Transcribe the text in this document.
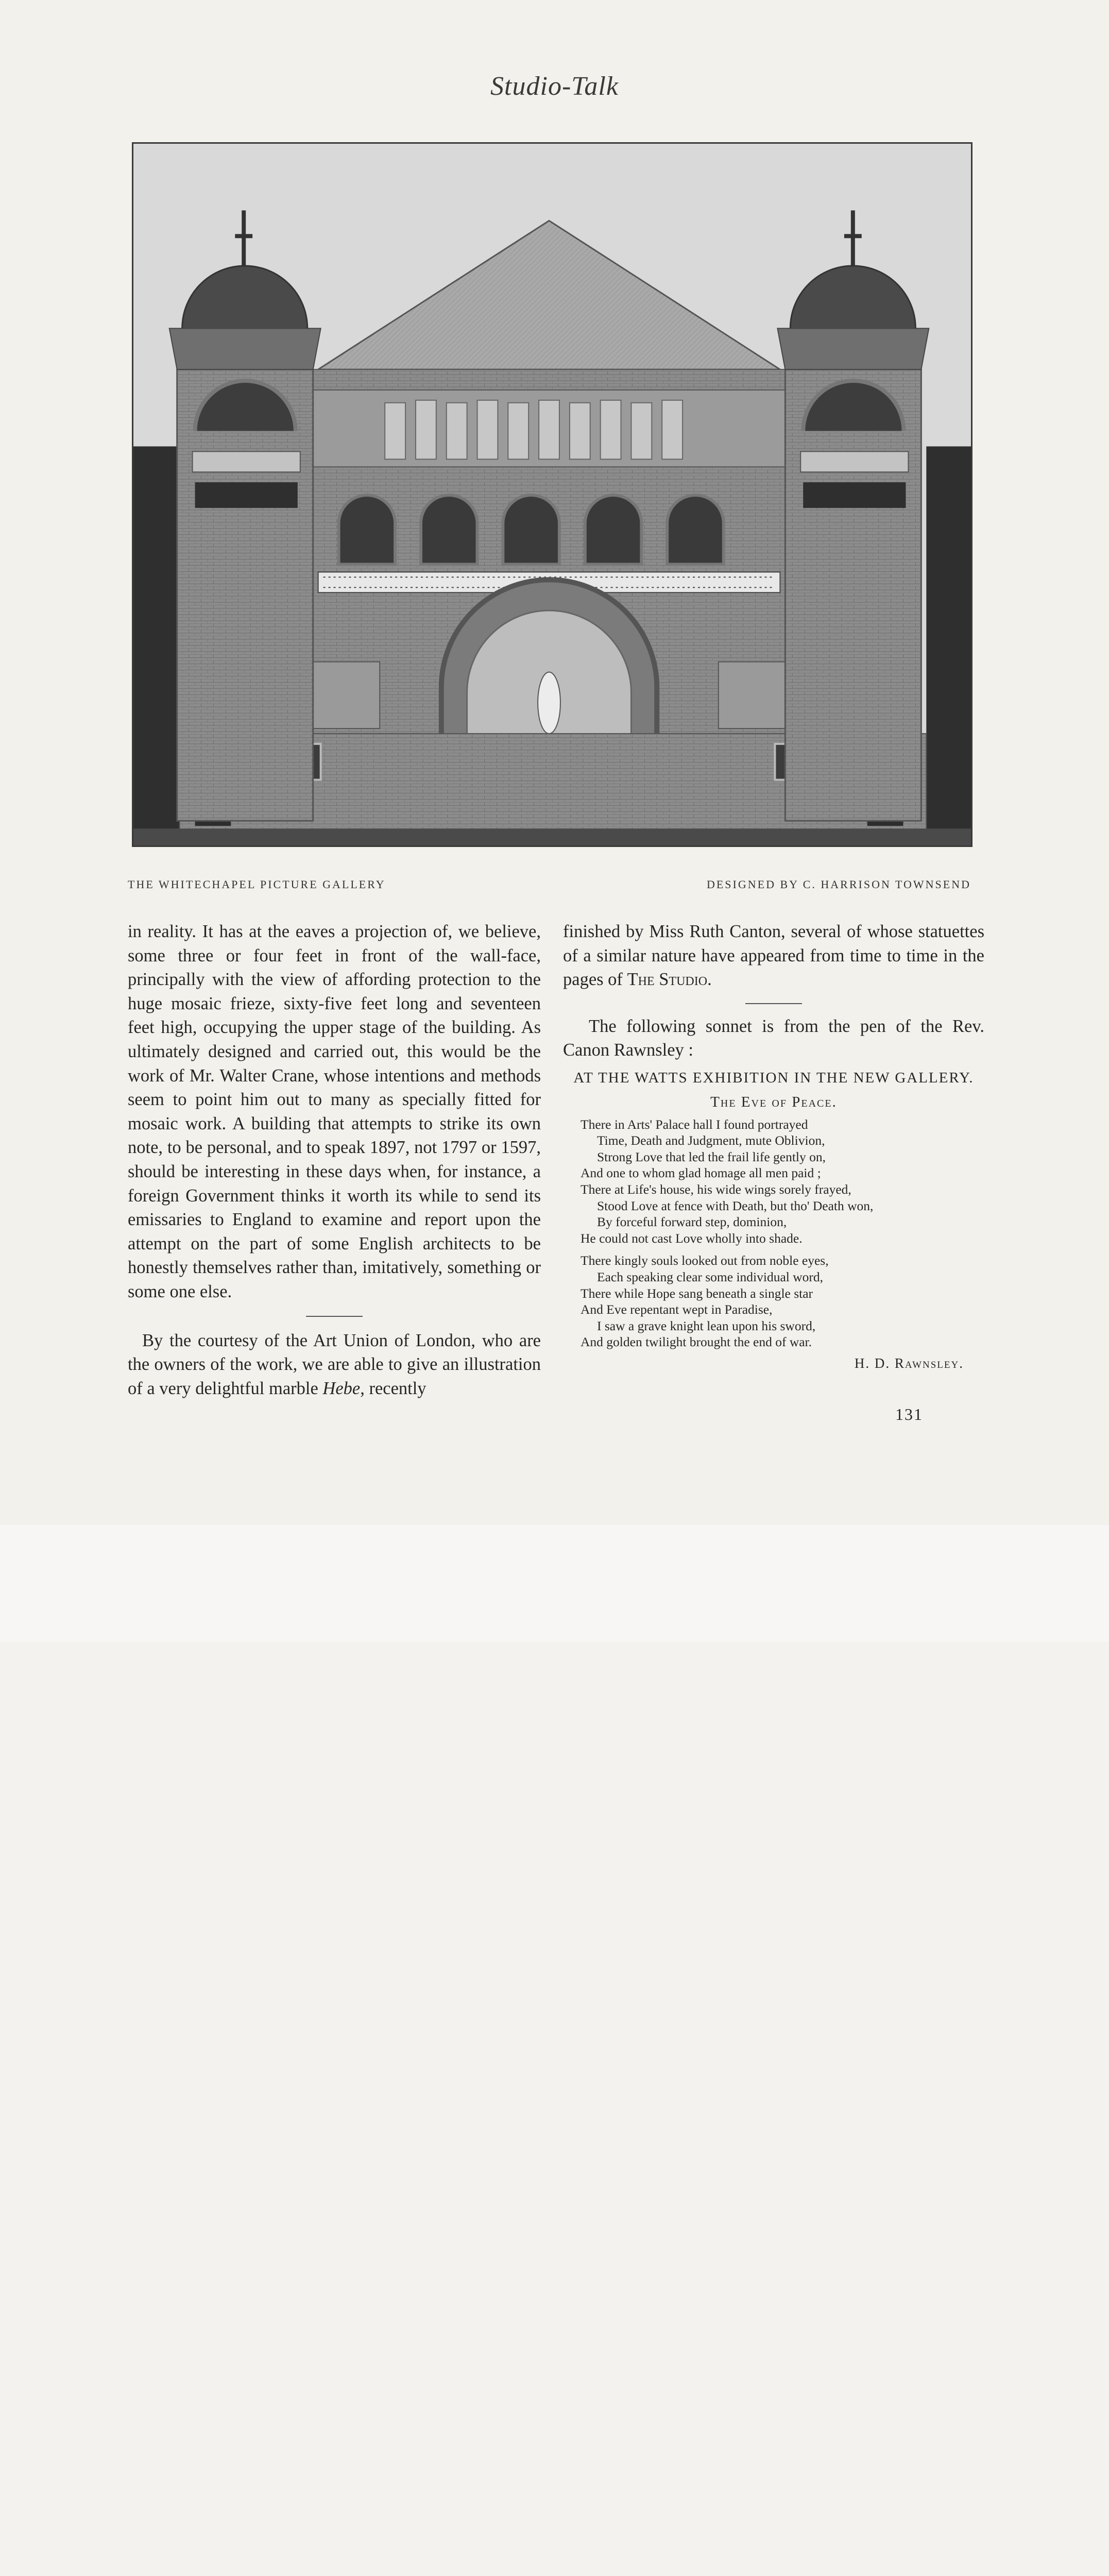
Studio-Talk
THE WHITECHAPEL PICTURE GALLERY	DESIGNED BY C. HARRISON TOWNSEND

in reality. It has at the eaves a projection of, we believe, some three or four feet in front of the wall-face, principally with the view of affording protection to the huge mosaic frieze, sixty-five feet long and seventeen feet high, occupying the upper stage of the building. As ultimately designed and carried out, this would be the work of Mr. Walter Crane, whose intentions and methods seem to point him out to many as specially fitted for mosaic work. A building that attempts to strike its own note, to be personal, and to speak 1897, not 1797 or 1597, should be interesting in these days when, for instance, a foreign Government thinks it worth its while to send its emissaries to England to examine and report upon the attempt on the part of some English architects to be honestly themselves rather than, imitatively, something or some one else.

By the courtesy of the Art Union of London, who are the owners of the work, we are able to give an illustration of a very delightful marble Hebe, recently

finished by Miss Ruth Canton, several of whose statuettes of a similar nature have appeared from time to time in the pages of The Studio.

The following sonnet is from the pen of the Rev. Canon Rawnsley :

AT THE WATTS EXHIBITION IN THE NEW GALLERY.
The Eve of Peace.
There in Arts' Palace hall I found portrayed
Time, Death and Judgment, mute Oblivion,
Strong Love that led the frail life gently on,
And one to whom glad homage all men paid ;
There at Life's house, his wide wings sorely frayed,
Stood Love at fence with Death, but tho' Death won,
By forceful forward step, dominion,
He could not cast Love wholly into shade.
There kingly souls looked out from noble eyes,
Each speaking clear some individual word,
There while Hope sang beneath a single star
And Eve repentant wept in Paradise,
I saw a grave knight lean upon his sword,
And golden twilight brought the end of war.
H. D. Rawnsley.
131
